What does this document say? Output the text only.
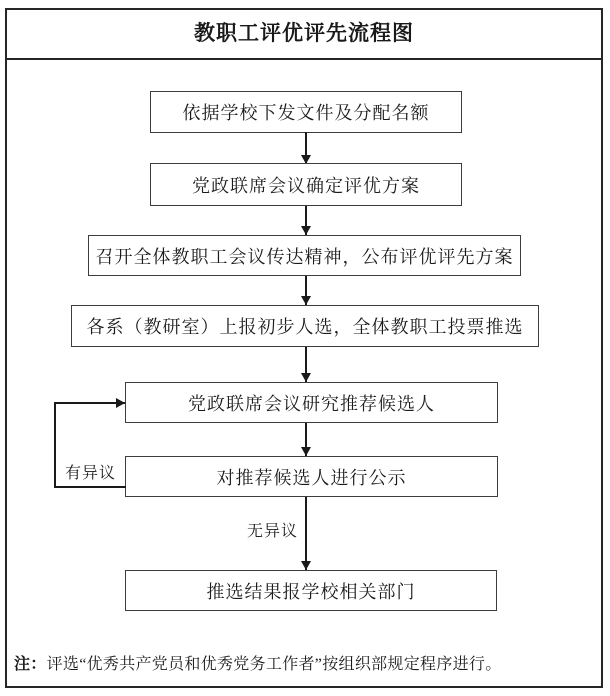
教职工评优评先流程图
依据学校下发文件及分配名额
党政联席会议确定评优方案
召开全体教职工会议传达精神，公布评优评先方案
各系（教研室）上报初步人选，全体教职工投票推选
党政联席会议研究推荐候选人
对推荐候选人进行公示
有异议
无异议
推选结果报学校相关部门
注：评选“优秀共产党员和优秀党务工作者”按组织部规定程序进行。
